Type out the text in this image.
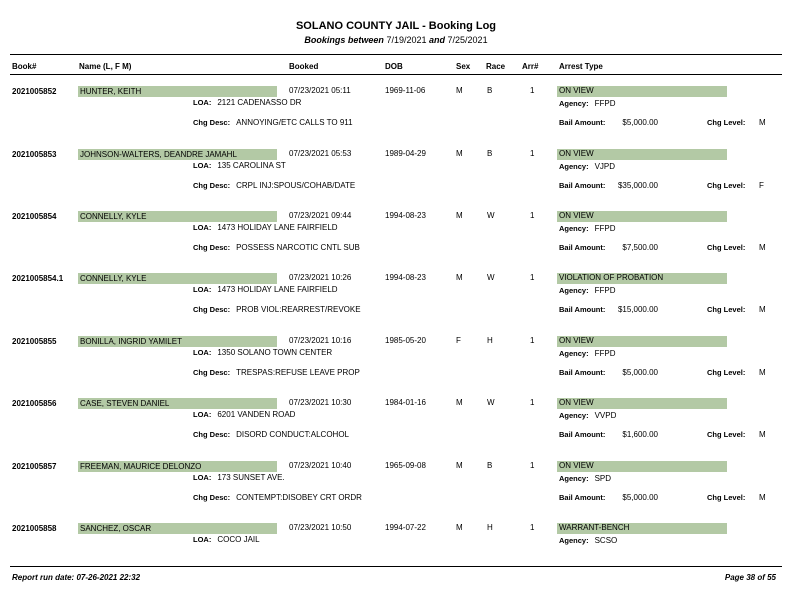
SOLANO COUNTY JAIL - Booking Log
Bookings between 7/19/2021 and 7/25/2021
Book#	Name (L, F M)	Booked	DOB	Sex Race Arr#	Arrest Type
2021005852	HUNTER, KEITH	07/23/2021 05:11	1969-11-06	M	B	1	ON VIEW
LOA: 2121 CADENASSO DR	Agency: FFPD
Chg Desc: ANNOYING/ETC CALLS TO 911	Bail Amount:	$5,000.00	Chg Level:	M
2021005853	JOHNSON-WALTERS, DEANDRE JAMAHL	07/23/2021 05:53	1989-04-29	M	B	1	ON VIEW
LOA: 135 CAROLINA ST	Agency: VJPD
Chg Desc: CRPL INJ:SPOUS/COHAB/DATE	Bail Amount:	$35,000.00	Chg Level:	F
2021005854	CONNELLY, KYLE	07/23/2021 09:44	1994-08-23	M	W	1	ON VIEW
LOA: 1473 HOLIDAY LANE FAIRFIELD	Agency: FFPD
Chg Desc: POSSESS NARCOTIC CNTL SUB	Bail Amount:	$7,500.00	Chg Level:	M
2021005854.1 CONNELLY, KYLE	07/23/2021 10:26	1994-08-23	M	W	1	VIOLATION OF PROBATION
LOA: 1473 HOLIDAY LANE FAIRFIELD	Agency: FFPD
Chg Desc: PROB VIOL:REARREST/REVOKE	Bail Amount:	$15,000.00	Chg Level:	M
2021005855	BONILLA, INGRID YAMILET	07/23/2021 10:16	1985-05-20	F	H	1	ON VIEW
LOA: 1350 SOLANO TOWN CENTER	Agency: FFPD
Chg Desc: TRESPAS:REFUSE LEAVE PROP	Bail Amount:	$5,000.00	Chg Level:	M
2021005856	CASE, STEVEN DANIEL	07/23/2021 10:30	1984-01-16	M	W	1	ON VIEW
LOA: 6201 VANDEN ROAD	Agency: VVPD
Chg Desc: DISORD CONDUCT:ALCOHOL	Bail Amount:	$1,600.00	Chg Level:	M
2021005857	FREEMAN, MAURICE DELONZO	07/23/2021 10:40	1965-09-08	M	B	1	ON VIEW
LOA: 173 SUNSET AVE.	Agency: SPD
Chg Desc: CONTEMPT:DISOBEY CRT ORDR	Bail Amount:	$5,000.00	Chg Level:	M
2021005858	SANCHEZ, OSCAR	07/23/2021 10:50	1994-07-22	M	H	1	WARRANT-BENCH
LOA: COCO JAIL	Agency: SCSO
Report run date: 07-26-2021 22:32	Page 38 of 55
